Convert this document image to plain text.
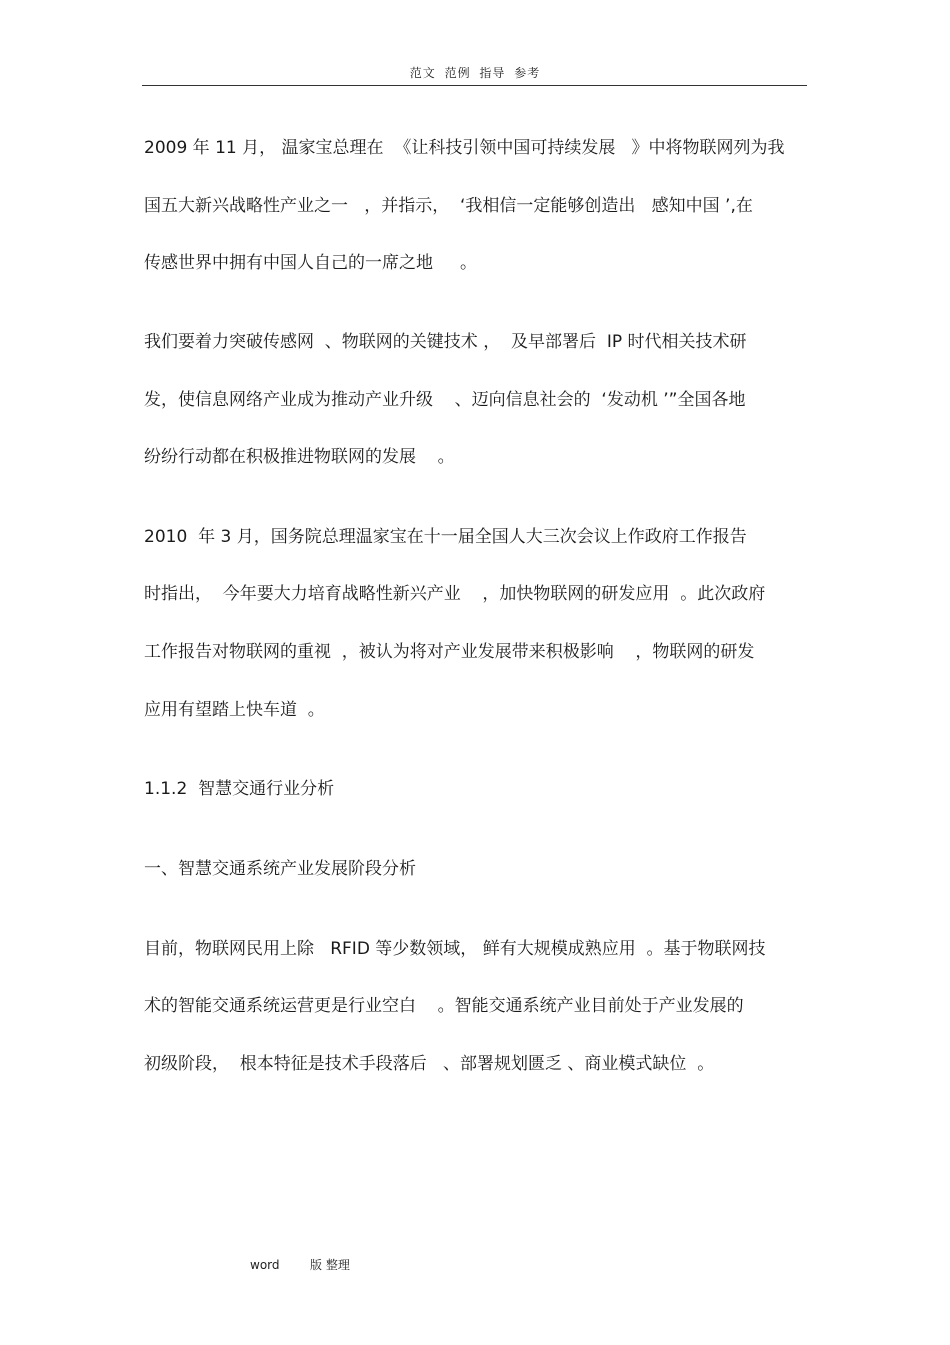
范文 范例 指导 参考
2009 年 11 月， 温家宝总理在  《让科技引领中国可持续发展   》中将物联网列为我
国五大新兴战略性产业之一   ，并指示，  ‘我相信一定能够创造出   感知中国 ’,在
传感世界中拥有中国人自己的一席之地     。
我们要着力突破传感网  、物联网的关键技术 ，  及早部署后  IP 时代相关技术研
发，使信息网络产业成为推动产业升级    、迈向信息社会的  ‘发动机 ’”全国各地
纷纷行动都在积极推进物联网的发展    。
2010  年 3 月，国务院总理温家宝在十一届全国人大三次会议上作政府工作报告
时指出，  今年要大力培育战略性新兴产业    ，加快物联网的研发应用  。此次政府
工作报告对物联网的重视  ，被认为将对产业发展带来积极影响    ，物联网的研发
应用有望踏上快车道  。
1.1.2  智慧交通行业分析
一、智慧交通系统产业发展阶段分析
目前，物联网民用上除   RFID 等少数领域， 鲜有大规模成熟应用  。基于物联网技
术的智能交通系统运营更是行业空白    。智能交通系统产业目前处于产业发展的
初级阶段，  根本特征是技术手段落后   、部署规划匮乏 、商业模式缺位  。
word        版 整理
